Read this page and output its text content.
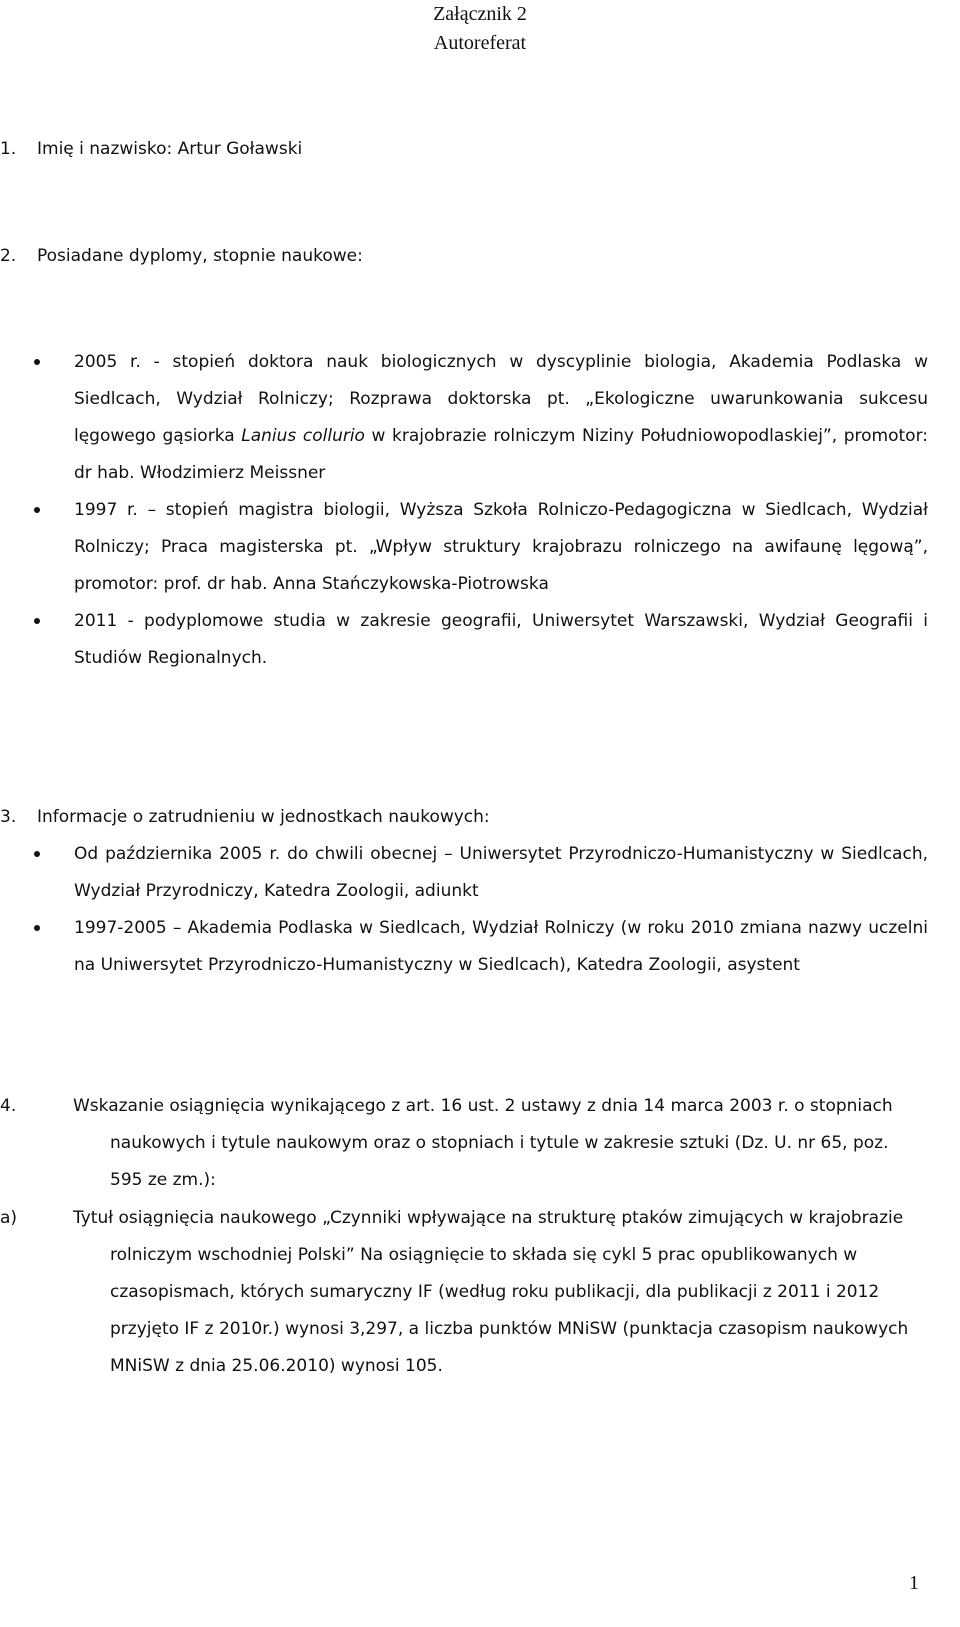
Załącznik 2
Autoreferat
1. Imię i nazwisko: Artur Goławski
2. Posiadane dyplomy, stopnie naukowe:
2005 r. - stopień doktora nauk biologicznych w dyscyplinie biologia, Akademia Podlaska w Siedlcach, Wydział Rolniczy; Rozprawa doktorska pt. „Ekologiczne uwarunkowania sukcesu lęgowego gąsiorka Lanius collurio w krajobrazie rolniczym Niziny Południowopodlaskiej”, promotor: dr hab. Włodzimierz Meissner
1997 r. – stopień magistra biologii, Wyższa Szkoła Rolniczo-Pedagogiczna w Siedlcach, Wydział Rolniczy; Praca magisterska pt. „Wpływ struktury krajobrazu rolniczego na awifaunę lęgową”, promotor: prof. dr hab. Anna Stańczykowska-Piotrowska
2011 - podyplomowe studia w zakresie geografii, Uniwersytet Warszawski, Wydział Geografii i Studiów Regionalnych.
3. Informacje o zatrudnieniu w jednostkach naukowych:
Od października 2005 r. do chwili obecnej – Uniwersytet Przyrodniczo-Humanistyczny w Siedlcach, Wydział Przyrodniczy, Katedra Zoologii, adiunkt
1997-2005 – Akademia Podlaska w Siedlcach, Wydział Rolniczy (w roku 2010 zmiana nazwy uczelni na Uniwersytet Przyrodniczo-Humanistyczny w Siedlcach), Katedra Zoologii, asystent
4.	Wskazanie osiągnięcia wynikającego z art. 16 ust. 2 ustawy z dnia 14 marca 2003 r. o stopniach naukowych i tytule naukowym oraz o stopniach i tytule w zakresie sztuki (Dz. U. nr 65, poz. 595 ze zm.):
a)	Tytuł osiągnięcia naukowego „Czynniki wpływające na strukturę ptaków zimujących w krajobrazie rolniczym wschodniej Polski” Na osiągnięcie to składa się cykl 5 prac opublikowanych w czasopismach, których sumaryczny IF (według roku publikacji, dla publikacji z 2011 i 2012 przyjęto IF z 2010r.) wynosi 3,297, a liczba punktów MNiSW (punktacja czasopism naukowych MNiSW z dnia 25.06.2010) wynosi 105.
1
